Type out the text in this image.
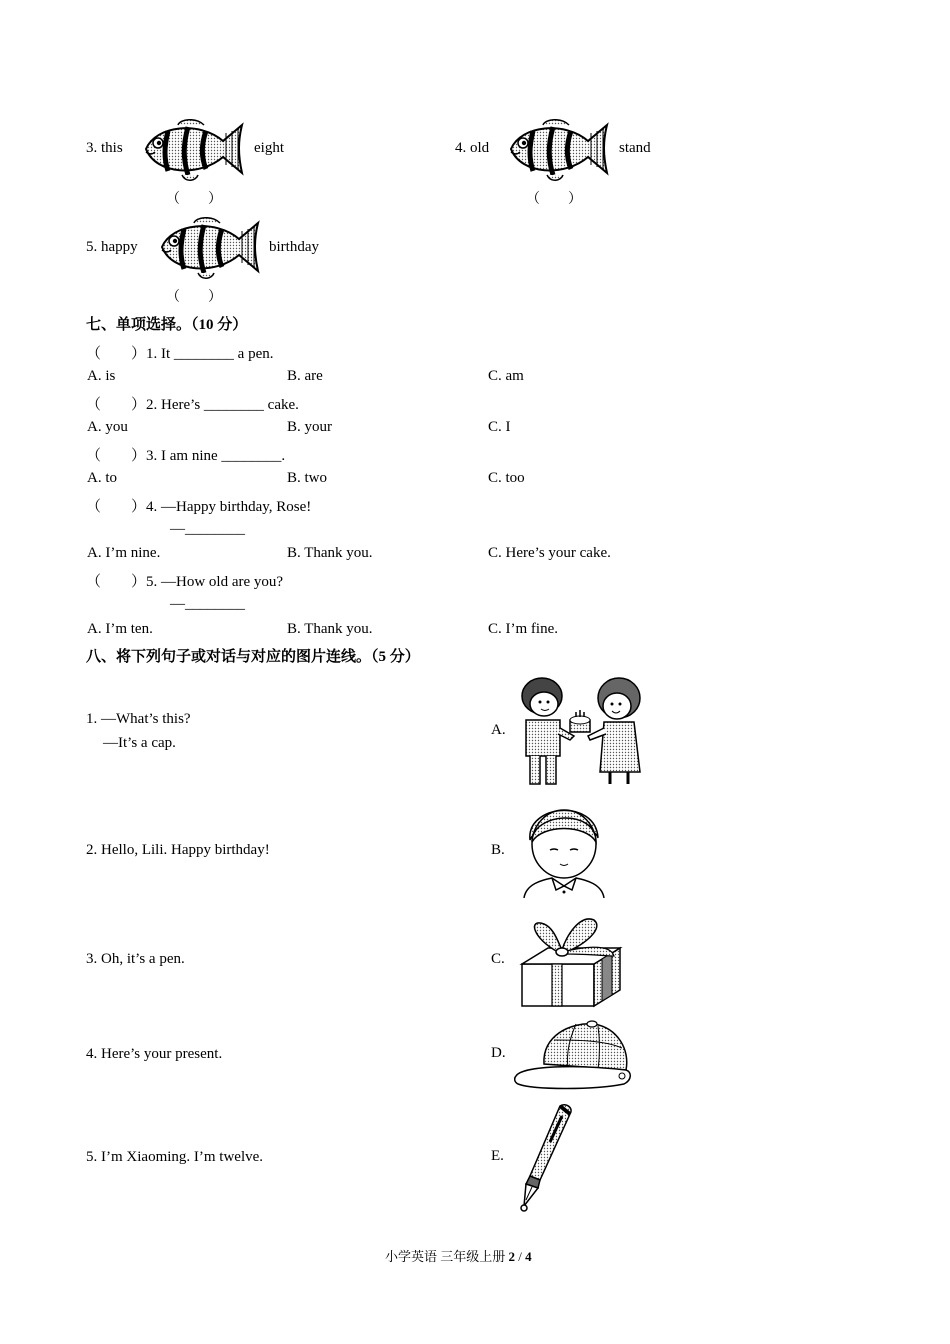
3. this	eight
（　　）
4. old	stand
（　　）
5. happy	birthday
（　　）
七、单项选择。（10 分）
（　　）1. It ________ a pen.
A. is	B. are	C. am
（　　）2. Here’s ________ cake.
A. you	B. your	C. I
（　　）3. I am nine ________.
A. to	B. two	C. too
（　　）4. —Happy birthday, Rose!
—________
A. I’m nine.	B. Thank you.	C. Here’s your cake.
（　　）5. —How old are you?
—________
A. I’m ten.	B. Thank you.	C. I’m fine.
八、将下列句子或对话与对应的图片连线。（5 分）
1. —What’s this?
—It’s a cap.
2. Hello, Lili. Happy birthday!
3. Oh, it’s a pen.
4. Here’s your present.
5. I’m Xiaoming. I’m twelve.
A.
B.
C.
D.
E.
小学英语 三年级上册 2 / 4
